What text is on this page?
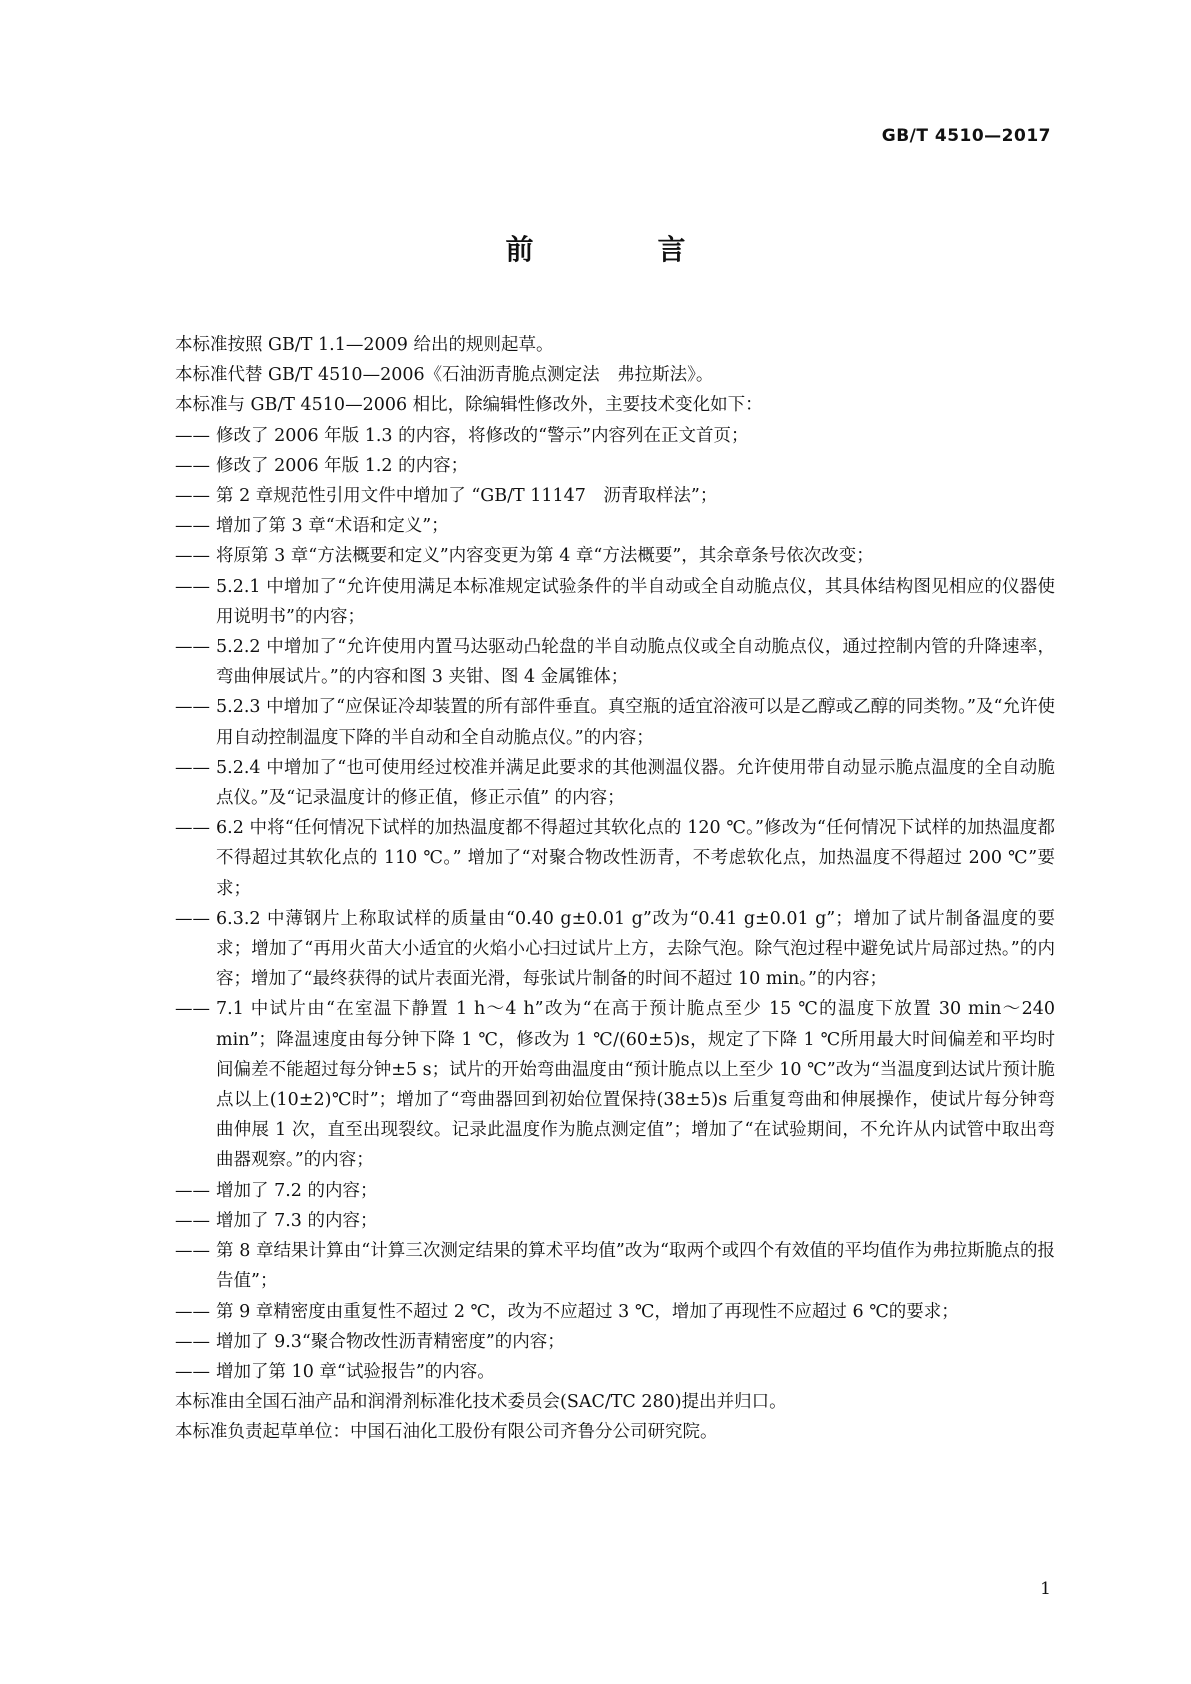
GB/T 4510—2017
前　言

本标准按照 GB/T 1.1—2009 给出的规则起草。

本标准代替 GB/T 4510—2006《石油沥青脆点测定法　弗拉斯法》。

本标准与 GB/T 4510—2006 相比，除编辑性修改外，主要技术变化如下：

—— 修改了 2006 年版 1.3 的内容，将修改的“警示”内容列在正文首页；

—— 修改了 2006 年版 1.2 的内容；

—— 第 2 章规范性引用文件中增加了 “GB/T 11147　沥青取样法”；

—— 增加了第 3 章“术语和定义”；

—— 将原第 3 章“方法概要和定义”内容变更为第 4 章“方法概要”，其余章条号依次改变；

—— 5.2.1 中增加了“允许使用满足本标准规定试验条件的半自动或全自动脆点仪，其具体结构图见相应的仪器使用说明书”的内容；

—— 5.2.2 中增加了“允许使用内置马达驱动凸轮盘的半自动脆点仪或全自动脆点仪，通过控制内管的升降速率，弯曲伸展试片。”的内容和图 3 夹钳、图 4 金属锥体；

—— 5.2.3 中增加了“应保证冷却装置的所有部件垂直。真空瓶的适宜浴液可以是乙醇或乙醇的同类物。”及“允许使用自动控制温度下降的半自动和全自动脆点仪。”的内容；

—— 5.2.4 中增加了“也可使用经过校准并满足此要求的其他测温仪器。允许使用带自动显示脆点温度的全自动脆点仪。”及“记录温度计的修正值，修正示值” 的内容；

—— 6.2 中将“任何情况下试样的加热温度都不得超过其软化点的 120 ℃。”修改为“任何情况下试样的加热温度都不得超过其软化点的 110 ℃。” 增加了“对聚合物改性沥青，不考虑软化点，加热温度不得超过 200 ℃”要求；

—— 6.3.2 中薄钢片上称取试样的质量由“0.40 g±0.01 g”改为“0.41 g±0.01 g”；增加了试片制备温度的要求；增加了“再用火苗大小适宜的火焰小心扫过试片上方，去除气泡。除气泡过程中避免试片局部过热。”的内容；增加了“最终获得的试片表面光滑，每张试片制备的时间不超过 10 min。”的内容；

—— 7.1 中试片由“在室温下静置 1 h～4 h”改为“在高于预计脆点至少 15 ℃的温度下放置 30 min～240 min”；降温速度由每分钟下降 1 ℃，修改为 1 ℃/(60±5)s，规定了下降 1 ℃所用最大时间偏差和平均时间偏差不能超过每分钟±5 s；试片的开始弯曲温度由“预计脆点以上至少 10 ℃”改为“当温度到达试片预计脆点以上(10±2)℃时”；增加了“弯曲器回到初始位置保持(38±5)s 后重复弯曲和伸展操作，使试片每分钟弯曲伸展 1 次，直至出现裂纹。记录此温度作为脆点测定值”；增加了“在试验期间，不允许从内试管中取出弯曲器观察。”的内容；

—— 增加了 7.2 的内容；

—— 增加了 7.3 的内容；

—— 第 8 章结果计算由“计算三次测定结果的算术平均值”改为“取两个或四个有效值的平均值作为弗拉斯脆点的报告值”；

—— 第 9 章精密度由重复性不超过 2 ℃，改为不应超过 3 ℃，增加了再现性不应超过 6 ℃的要求；

—— 增加了 9.3“聚合物改性沥青精密度”的内容；

—— 增加了第 10 章“试验报告”的内容。

本标准由全国石油产品和润滑剂标准化技术委员会(SAC/TC 280)提出并归口。

本标准负责起草单位：中国石油化工股份有限公司齐鲁分公司研究院。

1
